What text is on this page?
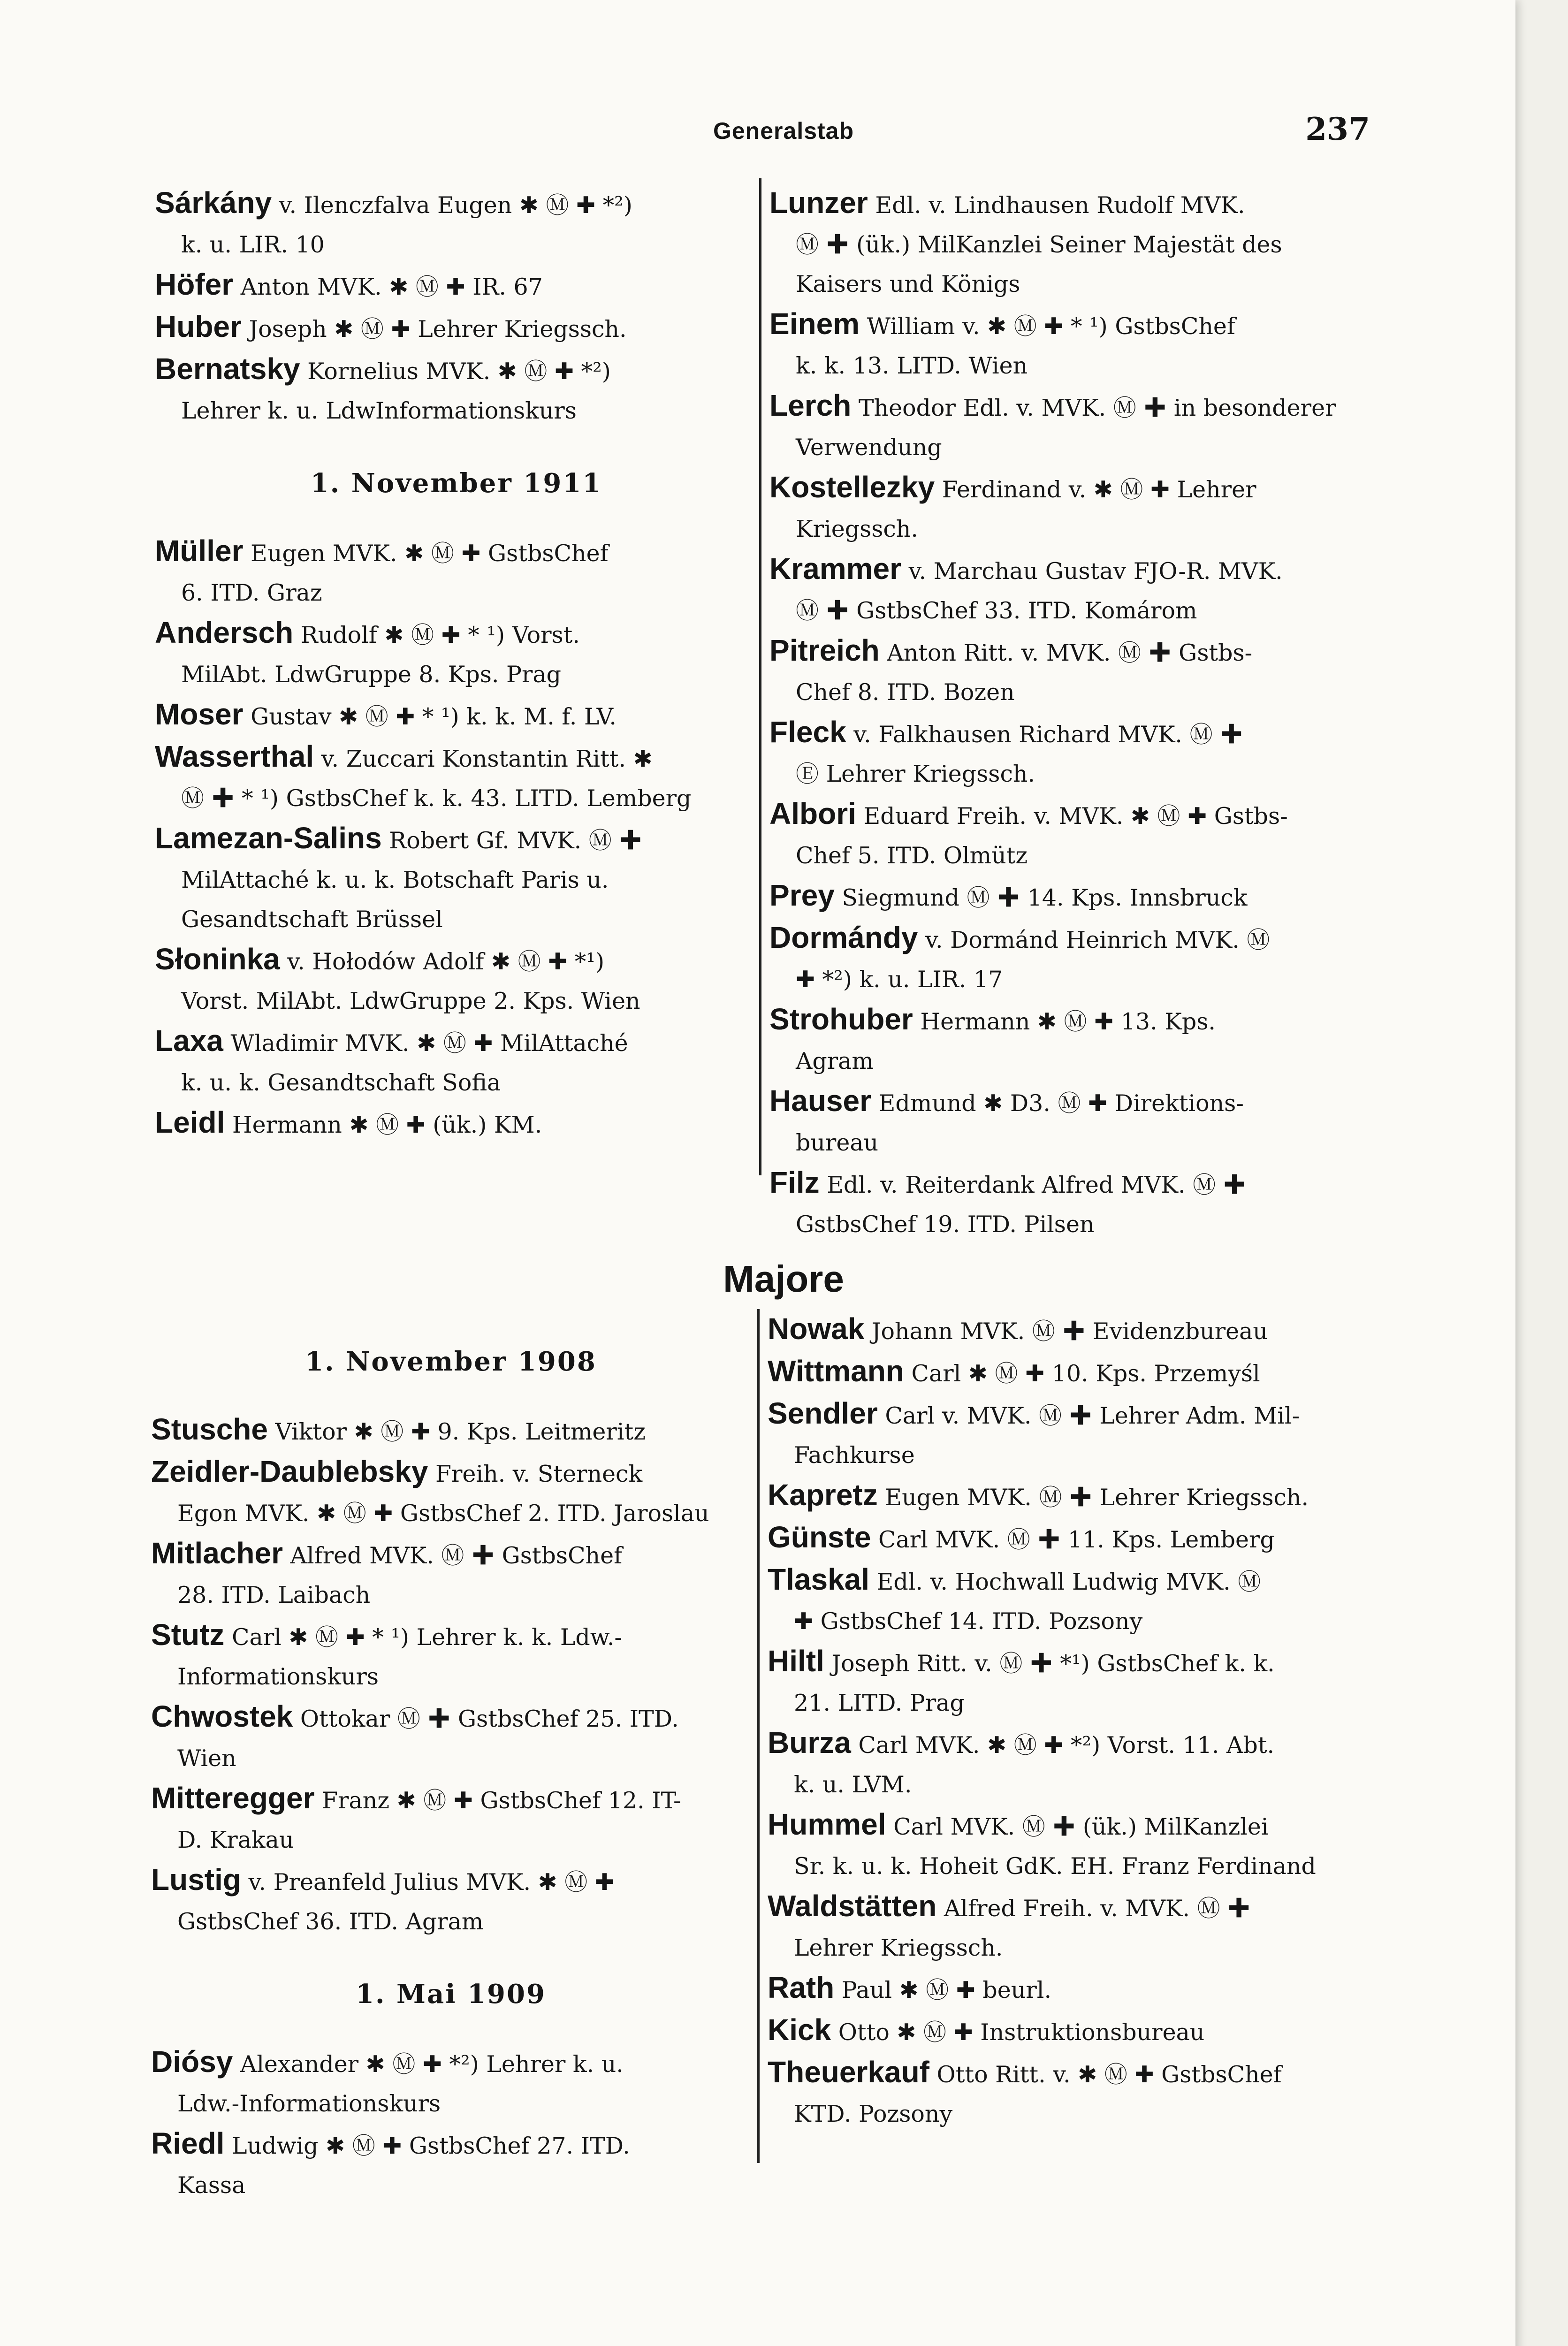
Generalstab	237

Sárkány v. Ilenczfalva Eugen ✱ Ⓜ ✚ *²)
k. u. LIR. 10

Höfer Anton MVK. ✱ Ⓜ ✚ IR. 67

Huber Joseph ✱ Ⓜ ✚ Lehrer Kriegssch.

Bernatsky Kornelius MVK. ✱ Ⓜ ✚ *²)
Lehrer k. u. LdwInformationskurs

1. November 1911

Müller Eugen MVK. ✱ Ⓜ ✚ GstbsChef
6. ITD. Graz

Andersch Rudolf ✱ Ⓜ ✚ * ¹) Vorst.
MilAbt. LdwGruppe 8. Kps. Prag

Moser Gustav ✱ Ⓜ ✚ * ¹) k. k. M. f. LV.

Wasserthal v. Zuccari Konstantin Ritt. ✱
Ⓜ ✚ * ¹) GstbsChef k. k. 43. LITD. Lemberg

Lamezan-Salins Robert Gf. MVK. Ⓜ ✚
MilAttaché k. u. k. Botschaft Paris u. Gesandtschaft Brüssel

Słoninka v. Hołodów Adolf ✱ Ⓜ ✚ *¹)
Vorst. MilAbt. LdwGruppe 2. Kps. Wien

Laxa Wladimir MVK. ✱ Ⓜ ✚ MilAttaché
k. u. k. Gesandtschaft Sofia

Leidl Hermann ✱ Ⓜ ✚ (ük.) KM.

Lunzer Edl. v. Lindhausen Rudolf MVK.
Ⓜ ✚ (ük.) MilKanzlei Seiner Majestät des Kaisers und Königs

Einem William v. ✱ Ⓜ ✚ * ¹) GstbsChef
k. k. 13. LITD. Wien

Lerch Theodor Edl. v. MVK. Ⓜ ✚ in besonderer
Verwendung

Kostellezky Ferdinand v. ✱ Ⓜ ✚ Lehrer
Kriegssch.

Krammer v. Marchau Gustav FJO-R. MVK.
Ⓜ ✚ GstbsChef 33. ITD. Komárom

Pitreich Anton Ritt. v. MVK. Ⓜ ✚ Gstbs-
Chef 8. ITD. Bozen

Fleck v. Falkhausen Richard MVK. Ⓜ ✚
Ⓔ Lehrer Kriegssch.

Albori Eduard Freih. v. MVK. ✱ Ⓜ ✚ Gstbs-
Chef 5. ITD. Olmütz

Prey Siegmund Ⓜ ✚ 14. Kps. Innsbruck

Dormándy v. Dormánd Heinrich MVK. Ⓜ
✚ *²) k. u. LIR. 17

Strohuber Hermann ✱ Ⓜ ✚ 13. Kps.
Agram

Hauser Edmund ✱ D3. Ⓜ ✚ Direktions-
bureau

Filz Edl. v. Reiterdank Alfred MVK. Ⓜ ✚
GstbsChef 19. ITD. Pilsen

Majore
1. November 1908

Stusche Viktor ✱ Ⓜ ✚ 9. Kps. Leitmeritz

Zeidler-Daublebsky Freih. v. Sterneck
Egon MVK. ✱ Ⓜ ✚ GstbsChef 2. ITD. Jaroslau

Mitlacher Alfred MVK. Ⓜ ✚ GstbsChef
28. ITD. Laibach

Stutz Carl ✱ Ⓜ ✚ * ¹) Lehrer k. k. Ldw.-
Informationskurs

Chwostek Ottokar Ⓜ ✚ GstbsChef 25. ITD.
Wien

Mitteregger Franz ✱ Ⓜ ✚ GstbsChef 12. IT-
D. Krakau

Lustig v. Preanfeld Julius MVK. ✱ Ⓜ ✚
GstbsChef 36. ITD. Agram

1. Mai 1909

Diósy Alexander ✱ Ⓜ ✚ *²) Lehrer k. u.
Ldw.-Informationskurs

Riedl Ludwig ✱ Ⓜ ✚ GstbsChef 27. ITD.
Kassa

Nowak Johann MVK. Ⓜ ✚ Evidenzbureau

Wittmann Carl ✱ Ⓜ ✚ 10. Kps. Przemyśl

Sendler Carl v. MVK. Ⓜ ✚ Lehrer Adm. Mil-
Fachkurse

Kapretz Eugen MVK. Ⓜ ✚ Lehrer Kriegssch.

Günste Carl MVK. Ⓜ ✚ 11. Kps. Lemberg

Tlaskal Edl. v. Hochwall Ludwig MVK. Ⓜ
✚ GstbsChef 14. ITD. Pozsony

Hiltl Joseph Ritt. v. Ⓜ ✚ *¹) GstbsChef k. k.
21. LITD. Prag

Burza Carl MVK. ✱ Ⓜ ✚ *²) Vorst. 11. Abt.
k. u. LVM.

Hummel Carl MVK. Ⓜ ✚ (ük.) MilKanzlei
Sr. k. u. k. Hoheit GdK. EH. Franz Ferdinand

Waldstätten Alfred Freih. v. MVK. Ⓜ ✚
Lehrer Kriegssch.

Rath Paul ✱ Ⓜ ✚ beurl.

Kick Otto ✱ Ⓜ ✚ Instruktionsbureau

Theuerkauf Otto Ritt. v. ✱ Ⓜ ✚ GstbsChef
KTD. Pozsony
